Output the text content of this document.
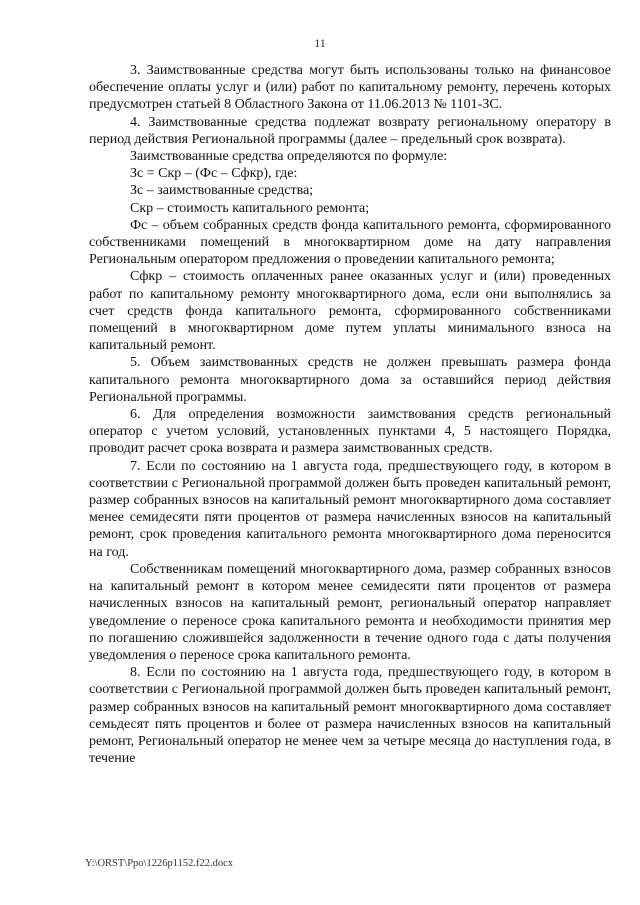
11

3. Заимствованные средства могут быть использованы только на финансовое обеспечение оплаты услуг и (или) работ по капитальному ремонту, перечень которых предусмотрен статьей 8 Областного Закона от 11.06.2013 № 1101-ЗС.

4. Заимствованные средства подлежат возврату региональному оператору в период действия Региональной программы (далее – предельный срок возврата).

Заимствованные средства определяются по формуле:

Зс = Скр – (Фс – Сфкр), где:

Зс – заимствованные средства;

Скр – стоимость капитального ремонта;

Фс – объем собранных средств фонда капитального ремонта, сформированного собственниками помещений в многоквартирном доме на дату направления Региональным оператором предложения о проведении капитального ремонта;

Сфкр – стоимость оплаченных ранее оказанных услуг и (или) проведенных работ по капитальному ремонту многоквартирного дома, если они выполнялись за счет средств фонда капитального ремонта, сформированного собственниками помещений в многоквартирном доме путем уплаты минимального взноса на капитальный ремонт.

5. Объем заимствованных средств не должен превышать размера фонда капитального ремонта многоквартирного дома за оставшийся период действия Региональной программы.

6. Для определения возможности заимствования средств региональный оператор с учетом условий, установленных пунктами 4, 5 настоящего Порядка, проводит расчет срока возврата и размера заимствованных средств.

7. Если по состоянию на 1 августа года, предшествующего году, в котором в соответствии с Региональной программой должен быть проведен капитальный ремонт, размер собранных взносов на капитальный ремонт многоквартирного дома составляет менее семидесяти пяти процентов от размера начисленных взносов на капитальный ремонт, срок проведения капитального ремонта многоквартирного дома переносится на год.

Собственникам помещений многоквартирного дома, размер собранных взносов на капитальный ремонт в котором менее семидесяти пяти процентов от размера начисленных взносов на капитальный ремонт, региональный оператор направляет уведомление о переносе срока капитального ремонта и необходимости принятия мер по погашению сложившейся задолженности в течение одного года с даты получения уведомления о переносе срока капитального ремонта.

8. Если по состоянию на 1 августа года, предшествующего году, в котором в соответствии с Региональной программой должен быть проведен капитальный ремонт, размер собранных взносов на капитальный ремонт многоквартирного дома составляет семьдесят пять процентов и более от размера начисленных взносов на капитальный ремонт, Региональный оператор не менее чем за четыре месяца до наступления года, в течение

Y:\ORST\Ppo\1226p1152.f22.docx
